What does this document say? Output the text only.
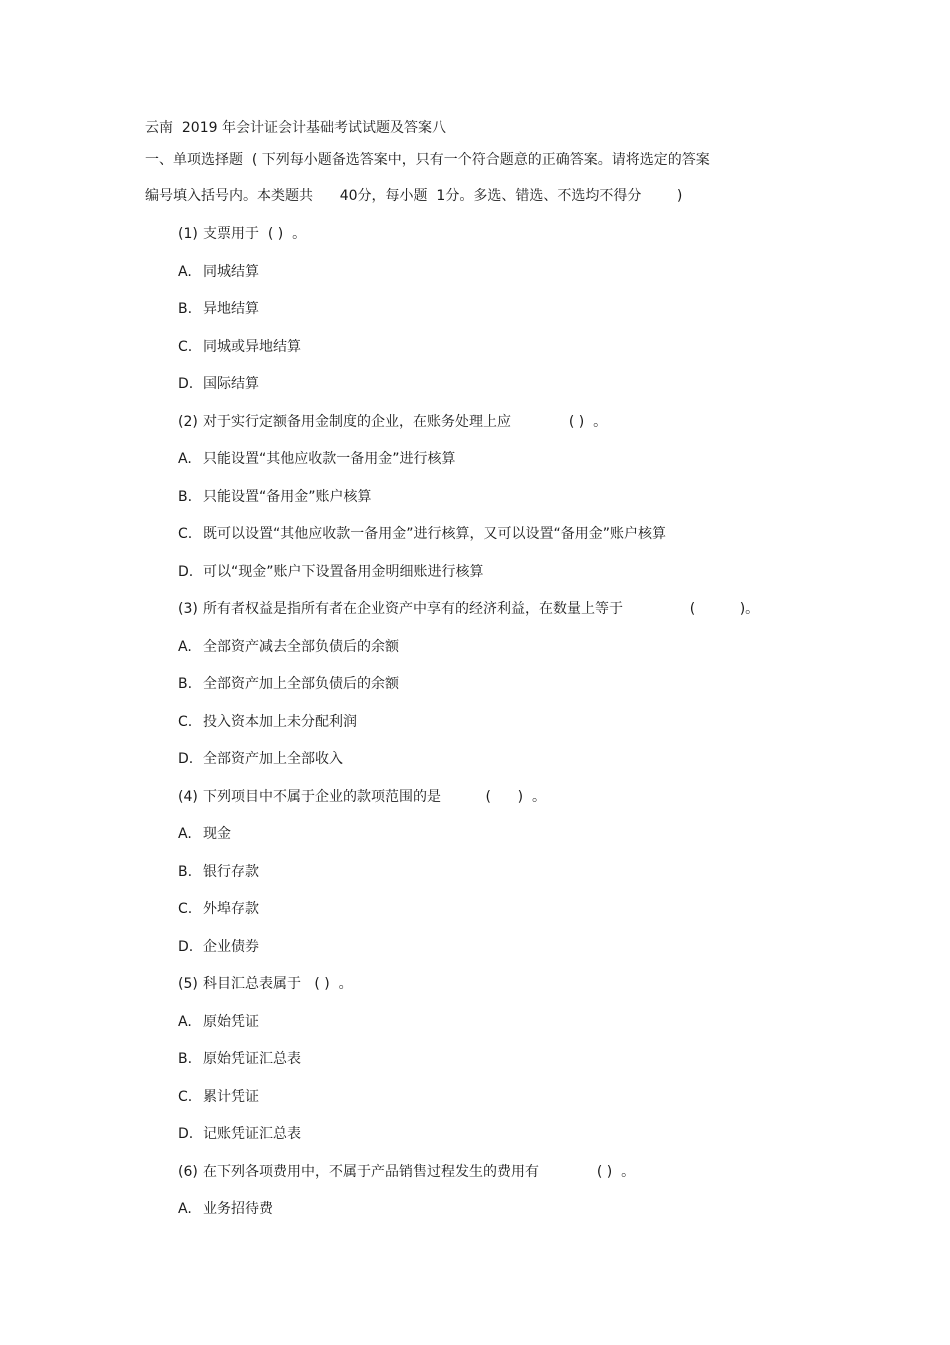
云南  2019 年会计证会计基础考试试题及答案八
一、单项选择题  ( 下列每小题备选答案中，只有一个符合题意的正确答案。请将选定的答案
编号填入括号内。本类题共      40分，每小题  1分。多选、错选、不选均不得分        )
(1) 支票用于  ( )  。
A. 同城结算
B. 异地结算
C. 同城或异地结算
D. 国际结算
(2) 对于实行定额备用金制度的企业，在账务处理上应             ( )  。
A. 只能设置“其他应收款一备用金”进行核算
B. 只能设置“备用金”账户核算
C. 既可以设置“其他应收款一备用金”进行核算，又可以设置“备用金”账户核算
D. 可以“现金”账户下设置备用金明细账进行核算
(3) 所有者权益是指所有者在企业资产中享有的经济利益，在数量上等于               (          )。
A. 全部资产减去全部负债后的余额
B. 全部资产加上全部负债后的余额
C. 投入资本加上未分配利润
D. 全部资产加上全部收入
(4) 下列项目中不属于企业的款项范围的是          (      )  。
A. 现金
B. 银行存款
C. 外埠存款
D. 企业债券
(5) 科目汇总表属于   ( )  。
A. 原始凭证
B. 原始凭证汇总表
C. 累计凭证
D. 记账凭证汇总表
(6) 在下列各项费用中，不属于产品销售过程发生的费用有             ( )  。
A. 业务招待费
